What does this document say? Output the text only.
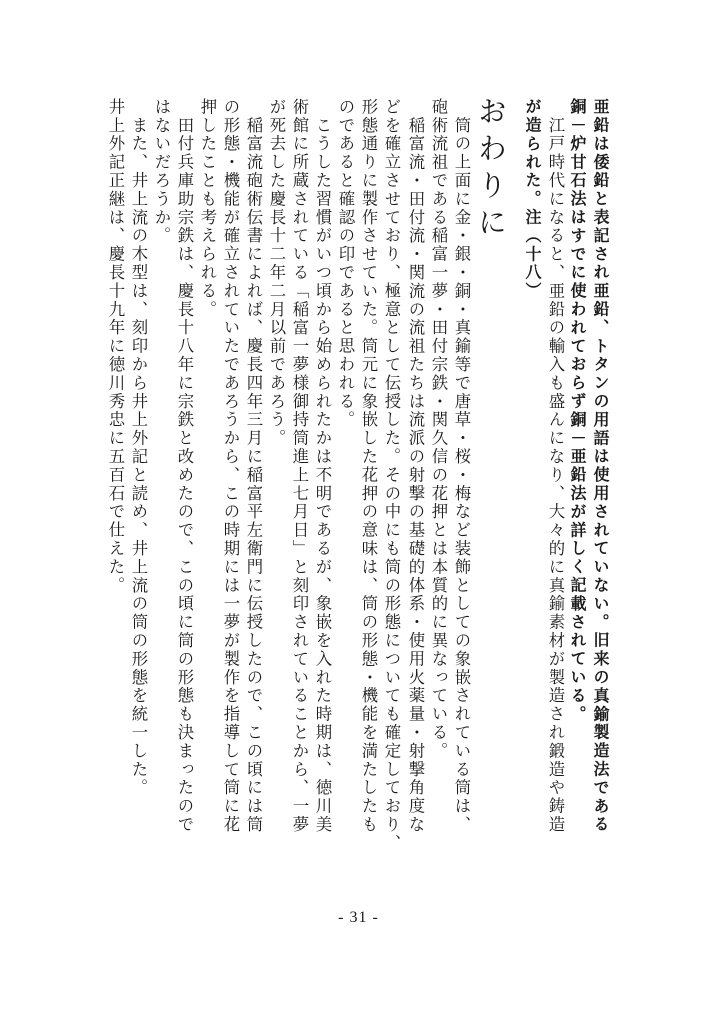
亜鉛は倭鉛と表記され亜鉛、トタンの用語は使用されていない。旧来の真鍮製造法である
銅－炉甘石法はすでに使われておらず銅－亜鉛法が詳しく記載されている。
　江戸時代になると、亜鉛の輸入も盛んになり、大々的に真鍮素材が製造され鍛造や鋳造
が造られた。注（十八）
おわりに
　筒の上面に金・銀・銅・真鍮等で唐草・桜・梅など装飾としての象嵌されている筒は、
砲術流祖である稲富一夢・田付宗鉄・関久信の花押とは本質的に異なっている。
　稲富流・田付流・関流の流祖たちは流派の射撃の基礎的体系・使用火薬量・射撃角度な
どを確立させており、極意として伝授した。その中にも筒の形態についても確定しており、
形態通りに製作させていた。筒元に象嵌した花押の意味は、筒の形態・機能を満たしたも
のであると確認の印であると思われる。
　こうした習慣がいつ頃から始められたかは不明であるが、象嵌を入れた時期は、徳川美
術館に所蔵されている「稲富一夢様御持筒進上七月日」と刻印されていることから、一夢
が死去した慶長十二年二月以前であろう。
　稲富流砲術伝書によれば、慶長四年三月に稲富平左衛門に伝授したので、この頃には筒
の形態・機能が確立されていたであろうから、この時期には一夢が製作を指導して筒に花
押したことも考えられる。
　田付兵庫助宗鉄は、慶長十八年に宗鉄と改めたので、この頃に筒の形態も決まったので
はないだろうか。
　また、井上流の木型は、刻印から井上外記と読め、井上流の筒の形態を統一した。
井上外記正継は、慶長十九年に徳川秀忠に五百石で仕えた。
- 31 -
